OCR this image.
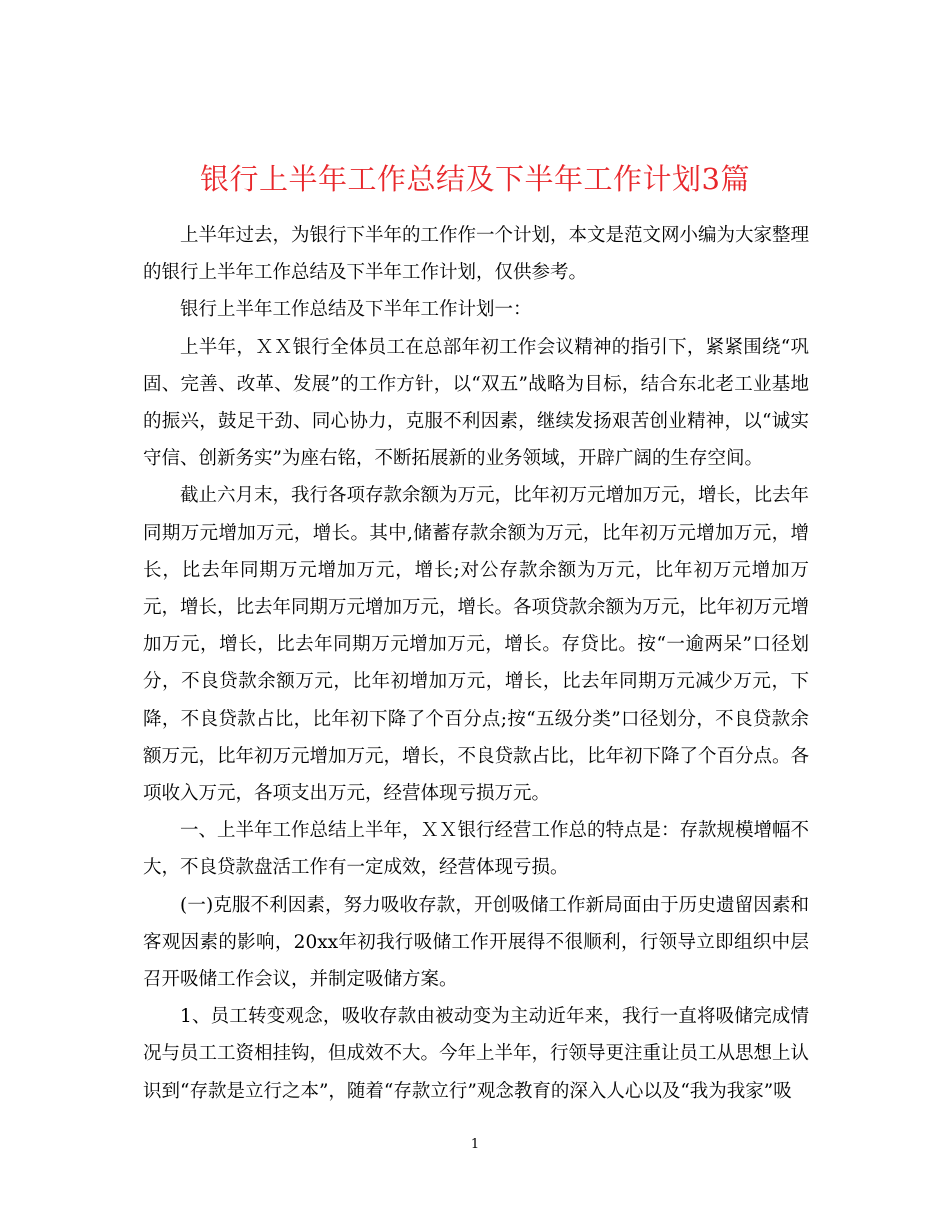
银行上半年工作总结及下半年工作计划3篇

上半年过去，为银行下半年的工作作一个计划，本文是范文网小编为大家整理的银行上半年工作总结及下半年工作计划，仅供参考。

银行上半年工作总结及下半年工作计划一：

上半年，ＸＸ银行全体员工在总部年初工作会议精神的指引下，紧紧围绕“巩固、完善、改革、发展”的工作方针，以“双五”战略为目标，结合东北老工业基地的振兴，鼓足干劲、同心协力，克服不利因素，继续发扬艰苦创业精神，以“诚实守信、创新务实”为座右铭，不断拓展新的业务领域，开辟广阔的生存空间。

截止六月末，我行各项存款余额为万元，比年初万元增加万元，增长，比去年同期万元增加万元，增长。其中,储蓄存款余额为万元，比年初万元增加万元，增长，比去年同期万元增加万元，增长;对公存款余额为万元，比年初万元增加万元，增长，比去年同期万元增加万元，增长。各项贷款余额为万元，比年初万元增加万元，增长，比去年同期万元增加万元，增长。存贷比。按“一逾两呆”口径划分，不良贷款余额万元，比年初增加万元，增长，比去年同期万元减少万元，下降，不良贷款占比，比年初下降了个百分点;按“五级分类”口径划分，不良贷款余额万元，比年初万元增加万元，增长，不良贷款占比，比年初下降了个百分点。各项收入万元，各项支出万元，经营体现亏损万元。

一、上半年工作总结上半年，ＸＸ银行经营工作总的特点是：存款规模增幅不大，不良贷款盘活工作有一定成效，经营体现亏损。

(一)克服不利因素，努力吸收存款，开创吸储工作新局面由于历史遗留因素和客观因素的影响，20xx年初我行吸储工作开展得不很顺利，行领导立即组织中层召开吸储工作会议，并制定吸储方案。

1、员工转变观念，吸收存款由被动变为主动近年来，我行一直将吸储完成情况与员工工资相挂钩，但成效不大。今年上半年，行领导更注重让员工从思想上认识到“存款是立行之本”，随着“存款立行”观念教育的深入人心以及“我为我家”吸

1
